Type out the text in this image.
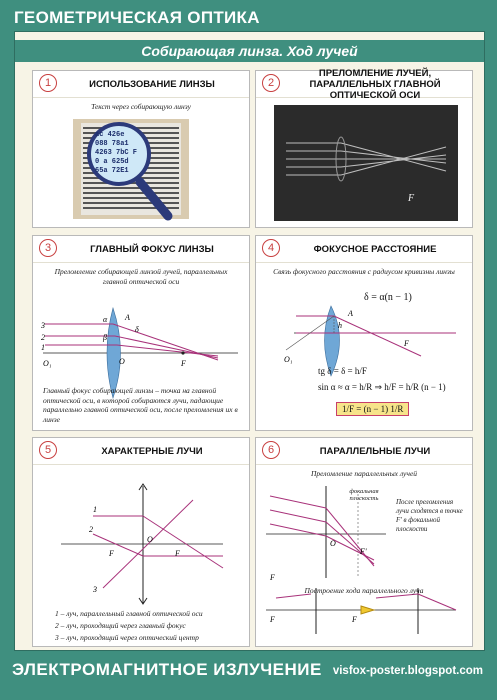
ГЕОМЕТРИЧЕСКАЯ ОПТИКА
Собирающая линза. Ход лучей
1	ИСПОЛЬЗОВАНИЕ ЛИНЗЫ
Текст через собирающую линзу
ac 426e
088 78a1
4263 7bC F
0 a 625d
65a 72E1
2
ПРЕЛОМЛЕНИЕ ЛУЧЕЙ, ПАРАЛЛЕЛЬНЫХ ГЛАВНОЙ ОПТИЧЕСКОЙ ОСИ
F
3	ГЛАВНЫЙ ФОКУС ЛИНЗЫ
Преломление собирающей линзой лучей, параллельных главной оптической оси
3
2
1
O₁	O	F
A
δ
α
β
Главный фокус собирающей линзы – точка на главной оптической оси, в которой собираются лучи, падающие параллельно главной оптической оси, после преломления их в линзе
4	ФОКУСНОЕ РАССТОЯНИЕ
Связь фокусного расстояния с радиусом кривизны линзы
δ = α(n − 1)
O₁
h
A
F
tg δ = δ = h/F
sin α ≈ α = h/R ⇒ h/F = h/R (n − 1)
1/F = (n − 1) 1/R
5	ХАРАКТЕРНЫЕ ЛУЧИ
1
2
3
O
F	F
1 – луч, параллельный главной оптической оси
2 – луч, проходящий через главный фокус
3 – луч, проходящий через оптический центр
6	ПАРАЛЛЕЛЬНЫЕ ЛУЧИ
Преломление параллельных лучей
F'
O
F
F	F
фокальная плоскость	После преломления лучи сходятся в точке F' в фокальной плоскости
Построение хода параллельного луча
ЭЛЕКТРОМАГНИТНОЕ ИЗЛУЧЕНИЕ visfox-poster.blogspot.com
